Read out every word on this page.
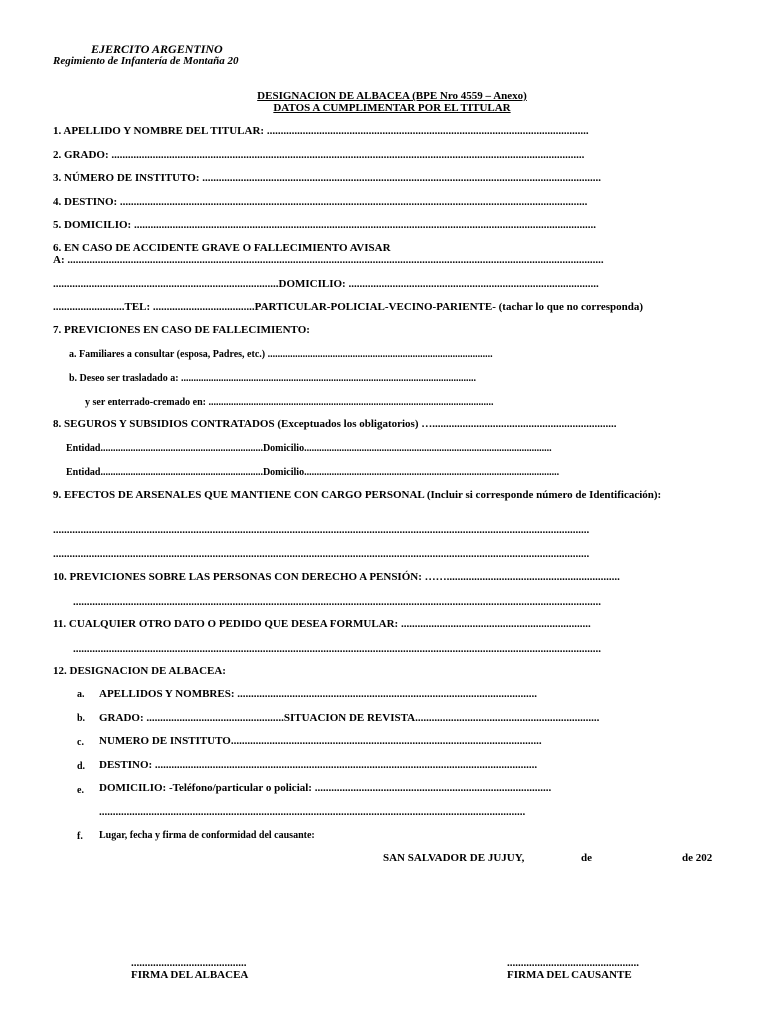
EJERCITO ARGENTINO
Regimiento de Infantería de Montaña 20
DESIGNACION DE ALBACEA (BPE Nro 4559 – Anexo)
DATOS A CUMPLIMENTAR POR EL TITULAR
1. APELLIDO Y NOMBRE DEL TITULAR: .....................................................................................................................
2. GRADO: ............................................................................................................................................................................
3. NÚMERO DE INSTITUTO: .................................................................................................................................................
4. DESTINO: ..........................................................................................................................................................................
5. DOMICILIO: ........................................................................................................................................................................
6. EN CASO DE ACCIDENTE GRAVE O FALLECIMIENTO AVISAR
A: ...................................................................................................................................................................................................
..................................................................................DOMICILIO: ...........................................................................................
..........................TEL: .....................................PARTICULAR-POLICIAL-VECINO-PARIENTE- (tachar lo que no corresponda)
7. PREVICIONES EN CASO DE FALLECIMIENTO:
a. Familiares a consultar (esposa, Padres, etc.) ..........................................................................................
b. Deseo ser trasladado a: ......................................................................................................................
y ser enterrado-cremado en: ..................................................................................................................
8. SEGUROS Y SUBSIDIOS CONTRATADOS (Exceptuados los obligatorios) …...................................................................
Entidad.................................................................Domicilio...................................................................................................
Entidad.................................................................Domicilio......................................................................................................
9. EFECTOS DE ARSENALES QUE MANTIENE CON CARGO PERSONAL (Incluir si corresponde número de Identificación):
...................................................................................................................................................................................................
...................................................................................................................................................................................................
10. PREVICIONES SOBRE LAS PERSONAS CON DERECHO A PENSIÓN: ……...............................................................
................................................................................................................................................................................................
11. CUALQUIER OTRO DATO O PEDIDO QUE DESEA FORMULAR: .....................................................................
................................................................................................................................................................................................
12. DESIGNACION DE ALBACEA:
a. APELLIDOS Y NOMBRES: .............................................................................................................
b. GRADO: ..................................................SITUACION DE REVISTA...................................................................
c. NUMERO DE INSTITUTO.................................................................................................................
d. DESTINO: ...........................................................................................................................................
e. DOMICILIO: -Teléfono/particular o policial: ......................................................................................
...........................................................................................................................................................
f. Lugar, fecha y firma de conformidad del causante:
SAN SALVADOR DE JUJUY,	de	de 202
..........................................
FIRMA DEL ALBACEA
................................................
FIRMA DEL CAUSANTE
